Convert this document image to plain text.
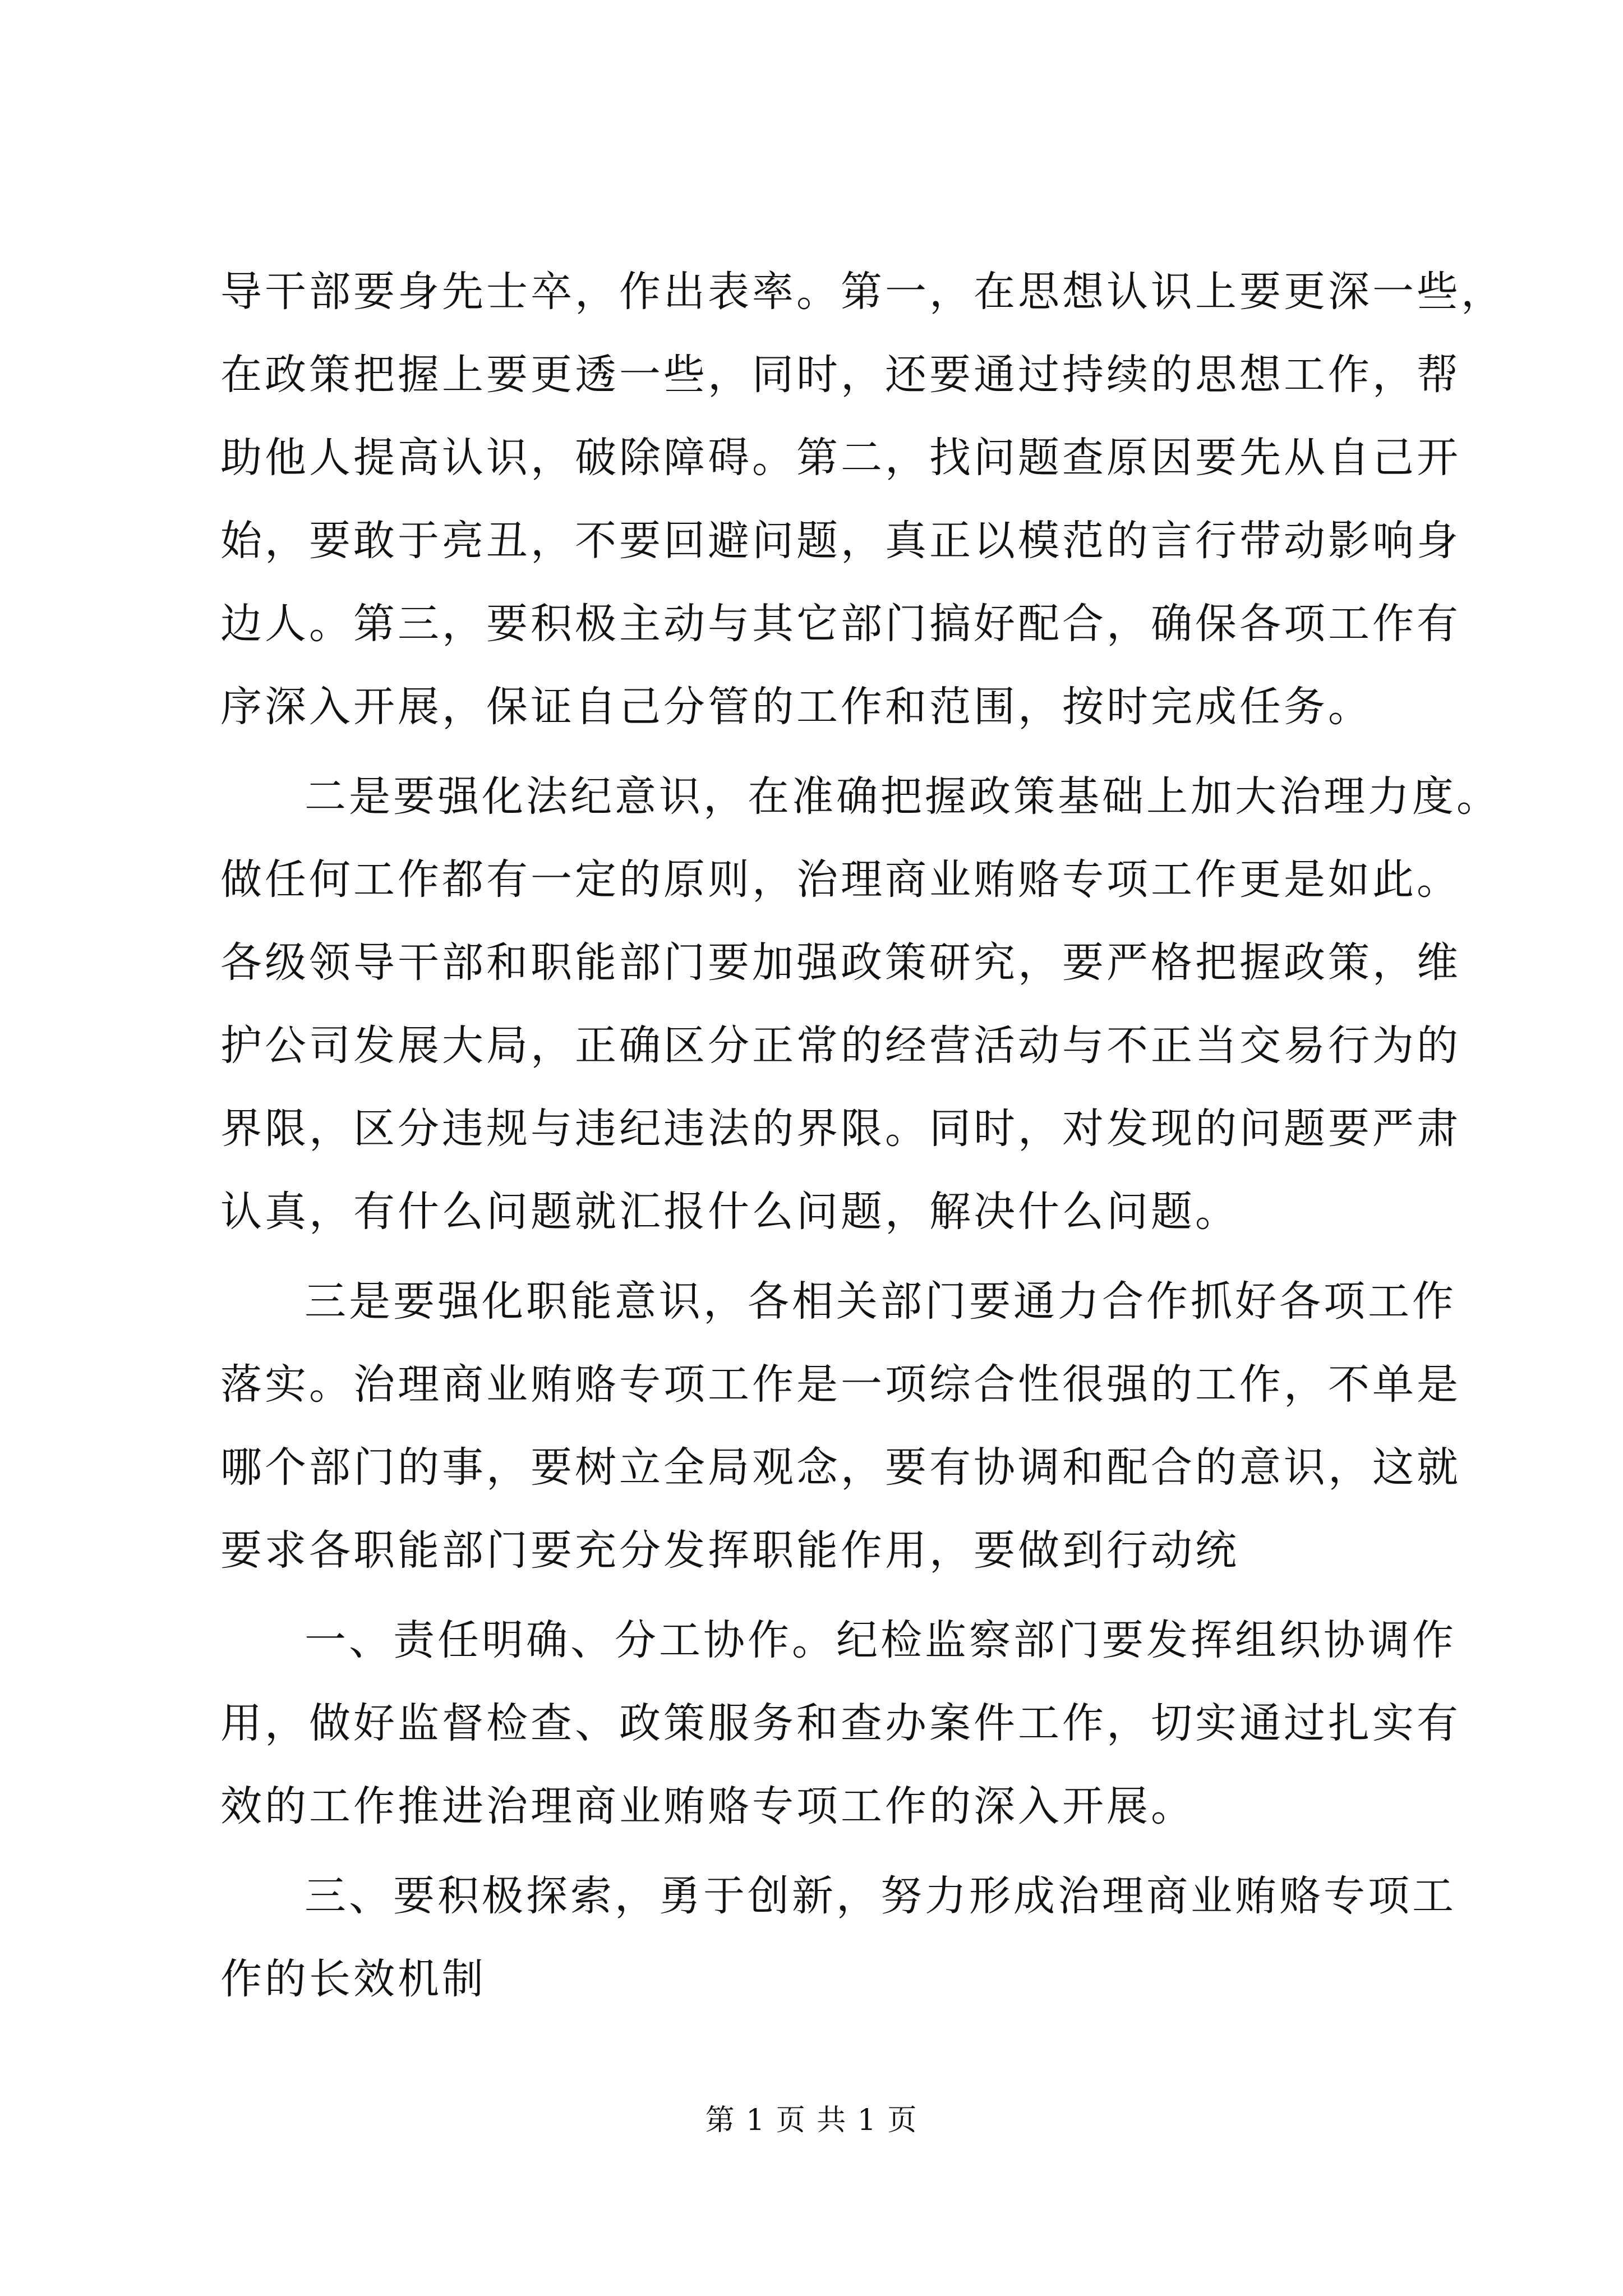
导干部要身先士卒，作出表率。第一，在思想认识上要更深一些，
在政策把握上要更透一些，同时，还要通过持续的思想工作，帮
助他人提高认识，破除障碍。第二，找问题查原因要先从自己开
始，要敢于亮丑，不要回避问题，真正以模范的言行带动影响身
边人。第三，要积极主动与其它部门搞好配合，确保各项工作有
序深入开展，保证自己分管的工作和范围，按时完成任务。
二是要强化法纪意识，在准确把握政策基础上加大治理力度。
做任何工作都有一定的原则，治理商业贿赂专项工作更是如此。
各级领导干部和职能部门要加强政策研究，要严格把握政策，维
护公司发展大局，正确区分正常的经营活动与不正当交易行为的
界限，区分违规与违纪违法的界限。同时，对发现的问题要严肃
认真，有什么问题就汇报什么问题，解决什么问题。
三是要强化职能意识，各相关部门要通力合作抓好各项工作
落实。治理商业贿赂专项工作是一项综合性很强的工作，不单是
哪个部门的事，要树立全局观念，要有协调和配合的意识，这就
要求各职能部门要充分发挥职能作用，要做到行动统
一、责任明确、分工协作。纪检监察部门要发挥组织协调作
用，做好监督检查、政策服务和查办案件工作，切实通过扎实有
效的工作推进治理商业贿赂专项工作的深入开展。
三、要积极探索，勇于创新，努力形成治理商业贿赂专项工
作的长效机制
第 1 页 共 1 页
